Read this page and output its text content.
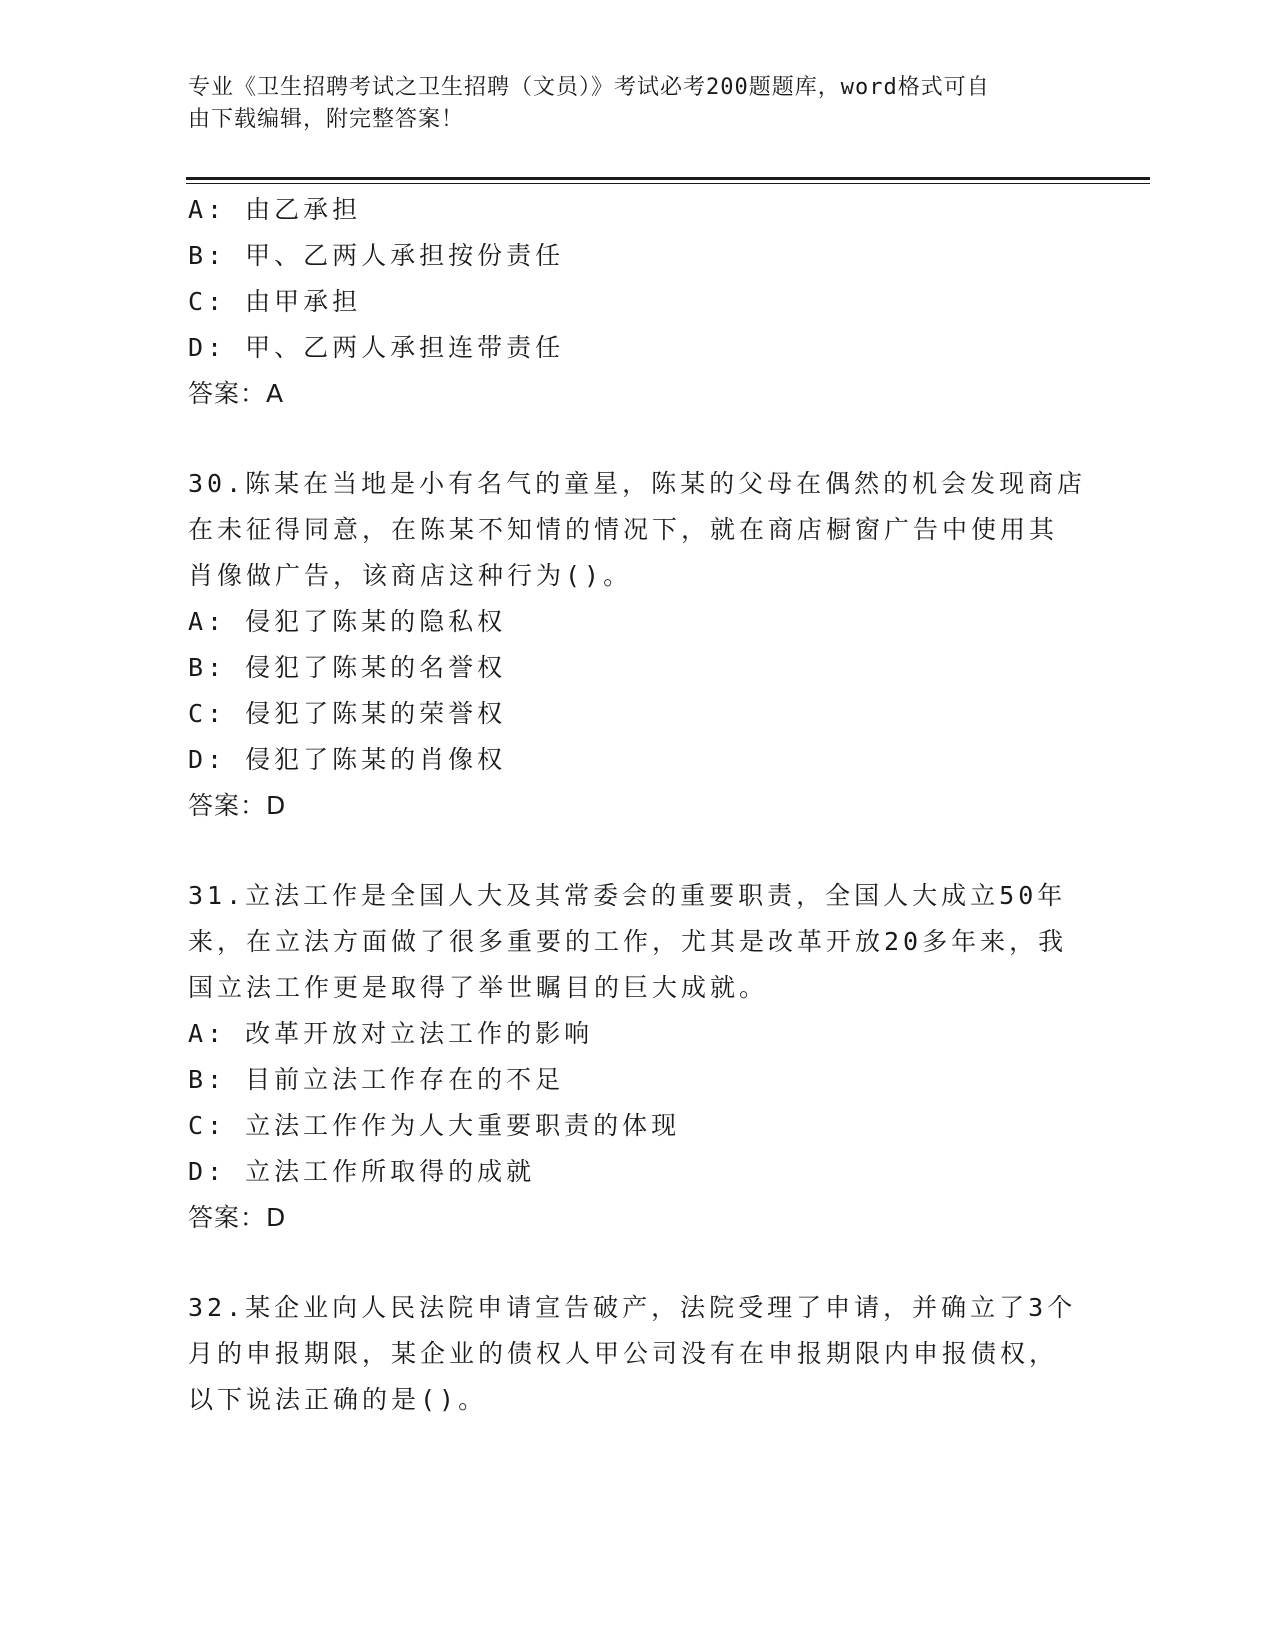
专业《卫生招聘考试之卫生招聘（文员）》考试必考200题题库，word格式可自
由下载编辑，附完整答案！
A: 由乙承担
B: 甲、乙两人承担按份责任
C: 由甲承担
D: 甲、乙两人承担连带责任
答案：A
30.陈某在当地是小有名气的童星，陈某的父母在偶然的机会发现商店
在未征得同意，在陈某不知情的情况下，就在商店橱窗广告中使用其
肖像做广告，该商店这种行为()。
A: 侵犯了陈某的隐私权
B: 侵犯了陈某的名誉权
C: 侵犯了陈某的荣誉权
D: 侵犯了陈某的肖像权
答案：D
31.立法工作是全国人大及其常委会的重要职责，全国人大成立50年
来，在立法方面做了很多重要的工作，尤其是改革开放20多年来，我
国立法工作更是取得了举世瞩目的巨大成就。
A: 改革开放对立法工作的影响
B: 目前立法工作存在的不足
C: 立法工作作为人大重要职责的体现
D: 立法工作所取得的成就
答案：D
32.某企业向人民法院申请宣告破产，法院受理了申请，并确立了3个
月的申报期限，某企业的债权人甲公司没有在申报期限内申报债权，
以下说法正确的是()。
